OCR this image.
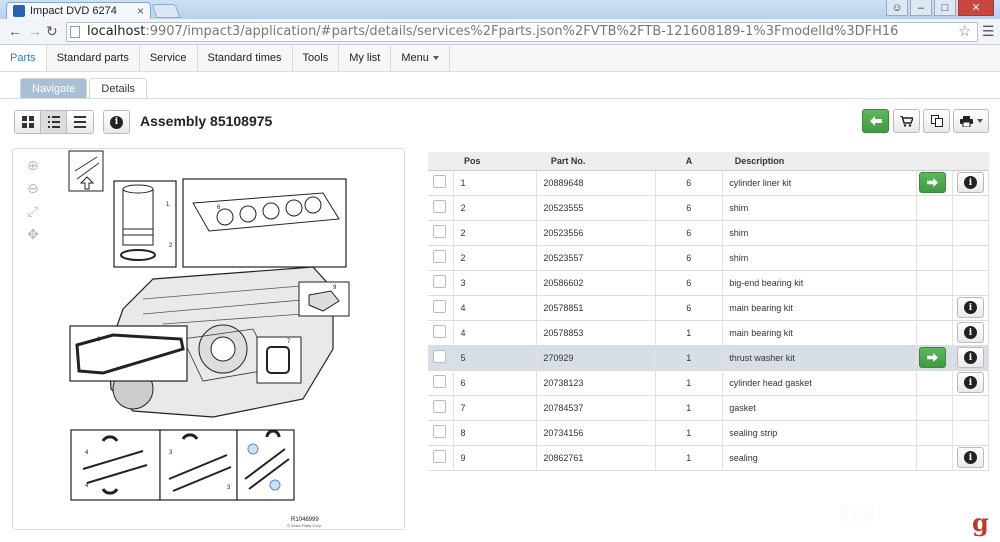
Impact DVD 6274 ×	☺	–	□	✕
← → ↻	localhost:9907/impact3/application/#parts/details/services%2Fparts.json%2FVTB%2FTB-121608189-1%3FmodelId%3DFH16	☆ ☰
Parts	Standard parts	Service	Standard times	Tools	My list	Menu
Navigate	Details
i	Assembly 85108975
⊕
⊖
⤢
✥
1
2
6
8
9
7
4
4
3
3
R1046999
© Volvo Parts Corp.
	Pos	Part No.	A	Description		
	1	20889648	6	cylinder liner kit		i

	2	20523555	6	shim		
	2	20523556	6	shim		
	2	20523557	6	shim		
	3	20586602	6	big-end bearing kit		
	4	20578851	6	main bearing kit		i

	4	20578853	1	main bearing kit		i

	5	270929	1	thrust washer kit		i

	6	20738123	1	cylinder head gasket		i

	7	20784537	1	gasket		
	8	20734156	1	sealing strip		
	9	20862761	1	sealing		i
░░░	g
